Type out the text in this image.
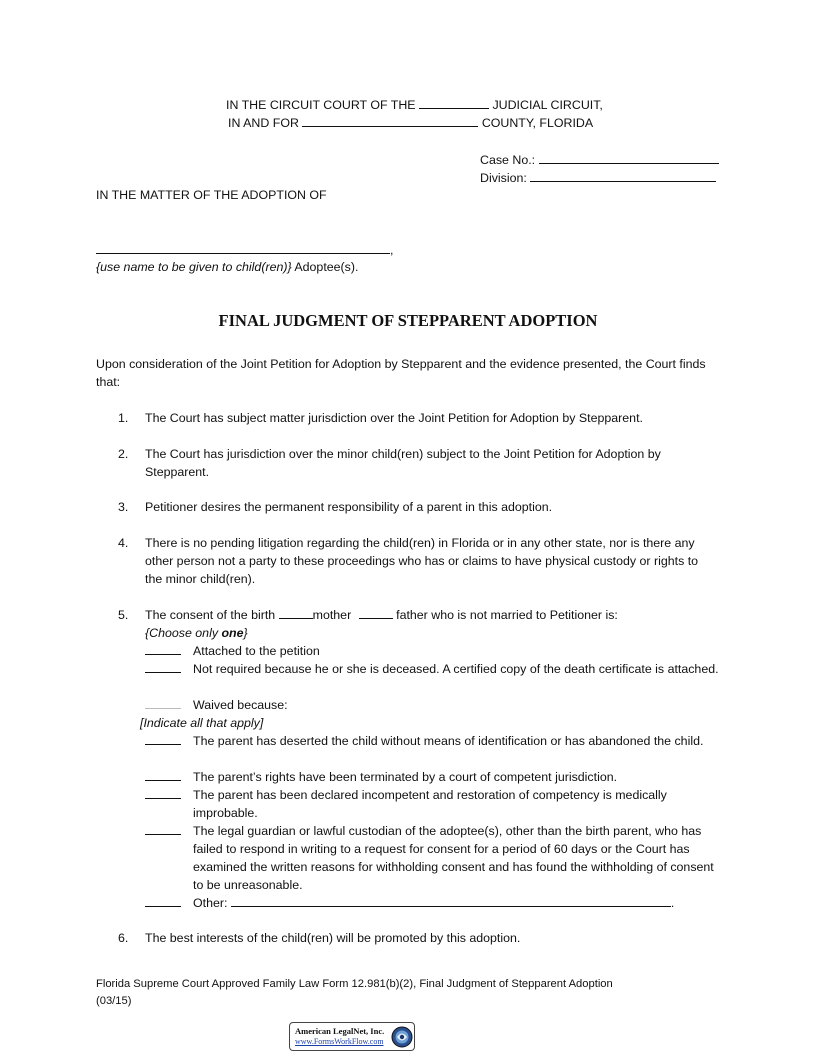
IN THE CIRCUIT COURT OF THE	JUDICIAL CIRCUIT,
IN AND FOR	COUNTY, FLORIDA
Case No.:
Division:
IN THE MATTER OF THE ADOPTION OF
,
{use name to be given to child(ren)} Adoptee(s).
FINAL JUDGMENT OF STEPPARENT ADOPTION
Upon consideration of the Joint Petition for Adoption by Stepparent and the evidence presented, the Court finds that:
1. The Court has subject matter jurisdiction over the Joint Petition for Adoption by Stepparent.
2. The Court has jurisdiction over the minor child(ren) subject to the Joint Petition for Adoption by Stepparent.
3. Petitioner desires the permanent responsibility of a parent in this adoption.
4. There is no pending litigation regarding the child(ren) in Florida or in any other state, nor is there any other person not a party to these proceedings who has or claims to have physical custody or rights to the minor child(ren).
5. The consent of the birth	mother	father who is not married to Petitioner is:
{Choose only one}
Attached to the petition
Not required because he or she is deceased. A certified copy of the death certificate is attached.
Waived because:
[Indicate all that apply]
The parent has deserted the child without means of identification or has abandoned the child.
The parent’s rights have been terminated by a court of competent jurisdiction.
The parent has been declared incompetent and restoration of competency is medically improbable.
The legal guardian or lawful custodian of the adoptee(s), other than the birth parent, who has failed to respond in writing to a request for consent for a period of 60 days or the Court has examined the written reasons for withholding consent and has found the withholding of consent to be unreasonable.
Other:	.
6. The best interests of the child(ren) will be promoted by this adoption.
Florida Supreme Court Approved Family Law Form 12.981(b)(2), Final Judgment of Stepparent Adoption
(03/15)
American LegalNet, Inc.
www.FormsWorkFlow.com
